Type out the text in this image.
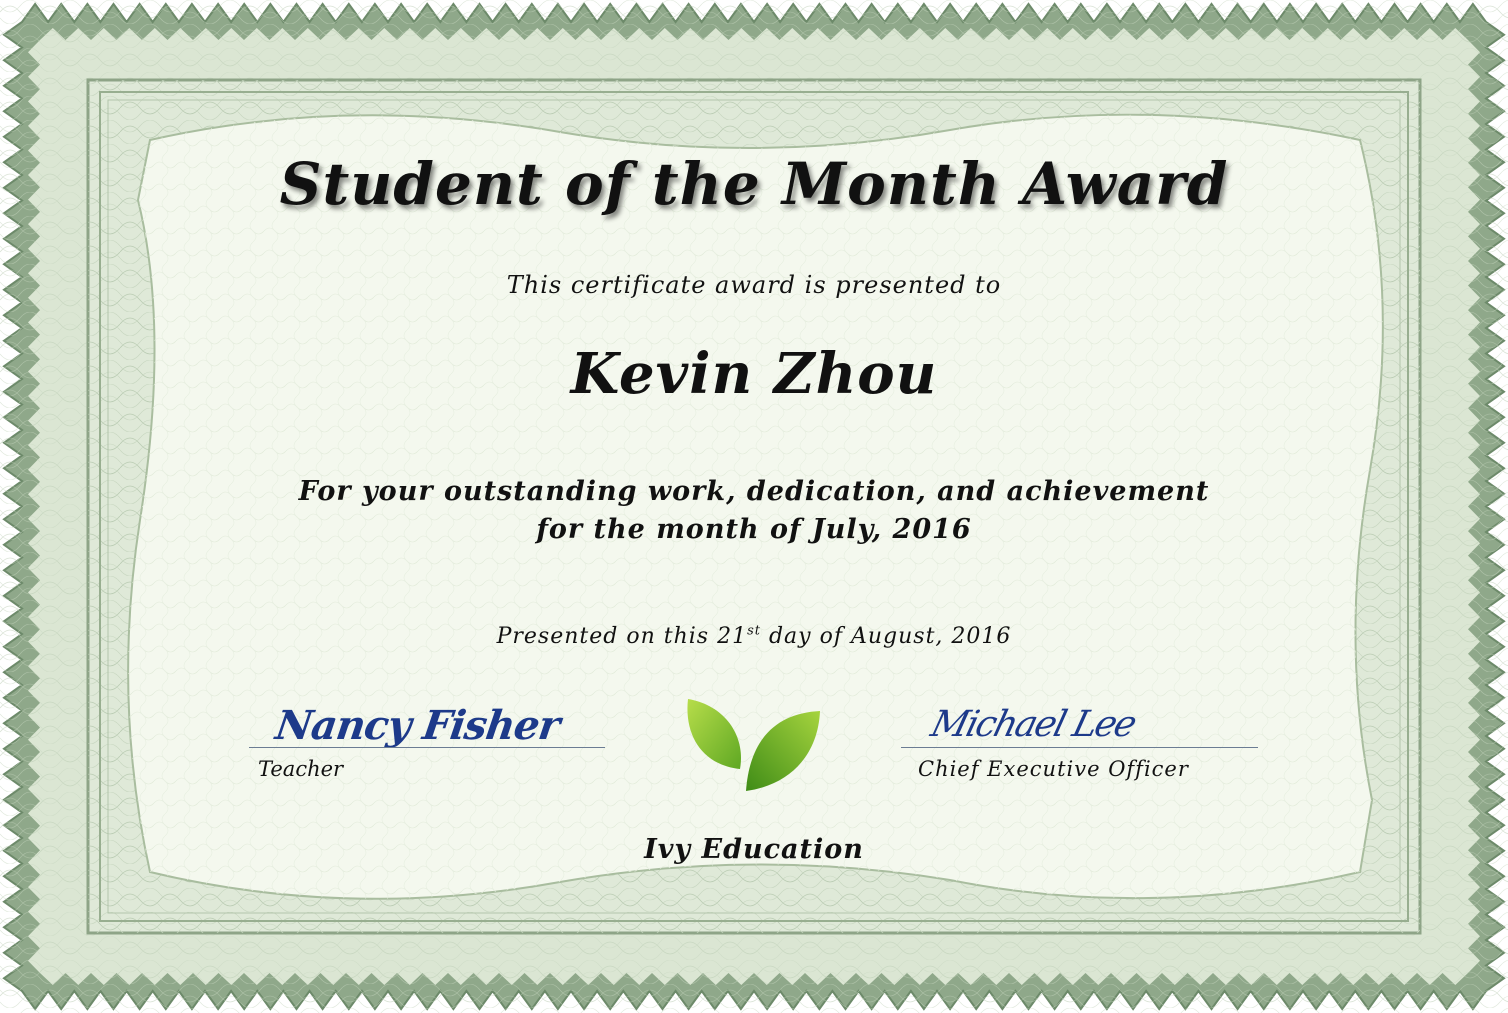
Student of the Month Award
This certificate award is presented to
Kevin Zhou
For your outstanding work, dedication, and achievement
for the month of July, 2016
Presented on this 21st day of August, 2016
Nancy Fisher
Teacher
Michael Lee
Chief Executive Officer
Ivy Education
